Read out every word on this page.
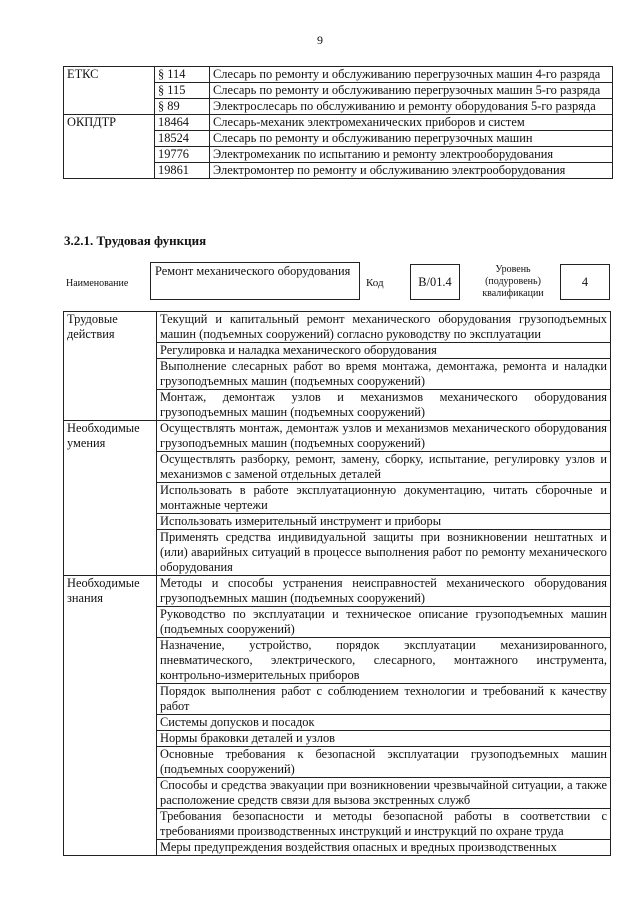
9
ЕТКС	§ 114	Слесарь по ремонту и обслуживанию перегрузочных машин 4-го разряда
	§ 115	Слесарь по ремонту и обслуживанию перегрузочных машин 5-го разряда
	§ 89	Электрослесарь по обслуживанию и ремонту оборудования 5-го разряда
ОКПДТР	18464	Слесарь-механик электромеханических приборов и систем
	18524	Слесарь по ремонту и обслуживанию перегрузочных машин
	19776	Электромеханик по испытанию и ремонту электрооборудования
	19861	Электромонтер по ремонту и обслуживанию электрооборудования
3.2.1. Трудовая функция
Наименование
Ремонт механического оборудования
Код	B/01.4
Уровень (подуровень) квалификации
4
Трудовые действия	Текущий и капитальный ремонт механического оборудования грузоподъемных машин (подъемных сооружений) согласно руководству по эксплуатации
	Регулировка и наладка механического оборудования
	Выполнение слесарных работ во время монтажа, демонтажа, ремонта и наладки грузоподъемных машин (подъемных сооружений)
	Монтаж, демонтаж узлов и механизмов механического оборудования грузоподъемных машин (подъемных сооружений)
Необходимые умения	Осуществлять монтаж, демонтаж узлов и механизмов механического оборудования грузоподъемных машин (подъемных сооружений)
	Осуществлять разборку, ремонт, замену, сборку, испытание, регулировку узлов и механизмов с заменой отдельных деталей
	Использовать в работе эксплуатационную документацию, читать сборочные и монтажные чертежи
	Использовать измерительный инструмент и приборы
	Применять средства индивидуальной защиты при возникновении нештатных и (или) аварийных ситуаций в процессе выполнения работ по ремонту механического оборудования
Необходимые знания	Методы и способы устранения неисправностей механического оборудования грузоподъемных машин (подъемных сооружений)
	Руководство по эксплуатации и техническое описание грузоподъемных машин (подъемных сооружений)
	Назначение, устройство, порядок эксплуатации механизированного, пневматического, электрического, слесарного, монтажного инструмента, контрольно-измерительных приборов
	Порядок выполнения работ с соблюдением технологии и требований к качеству работ
	Системы допусков и посадок
	Нормы браковки деталей и узлов
	Основные требования к безопасной эксплуатации грузоподъемных машин (подъемных сооружений)
	Способы и средства эвакуации при возникновении чрезвычайной ситуации, а также расположение средств связи для вызова экстренных служб
	Требования безопасности и методы безопасной работы в соответствии с требованиями производственных инструкций и инструкций по охране труда
	Меры предупреждения воздействия опасных и вредных производственных
